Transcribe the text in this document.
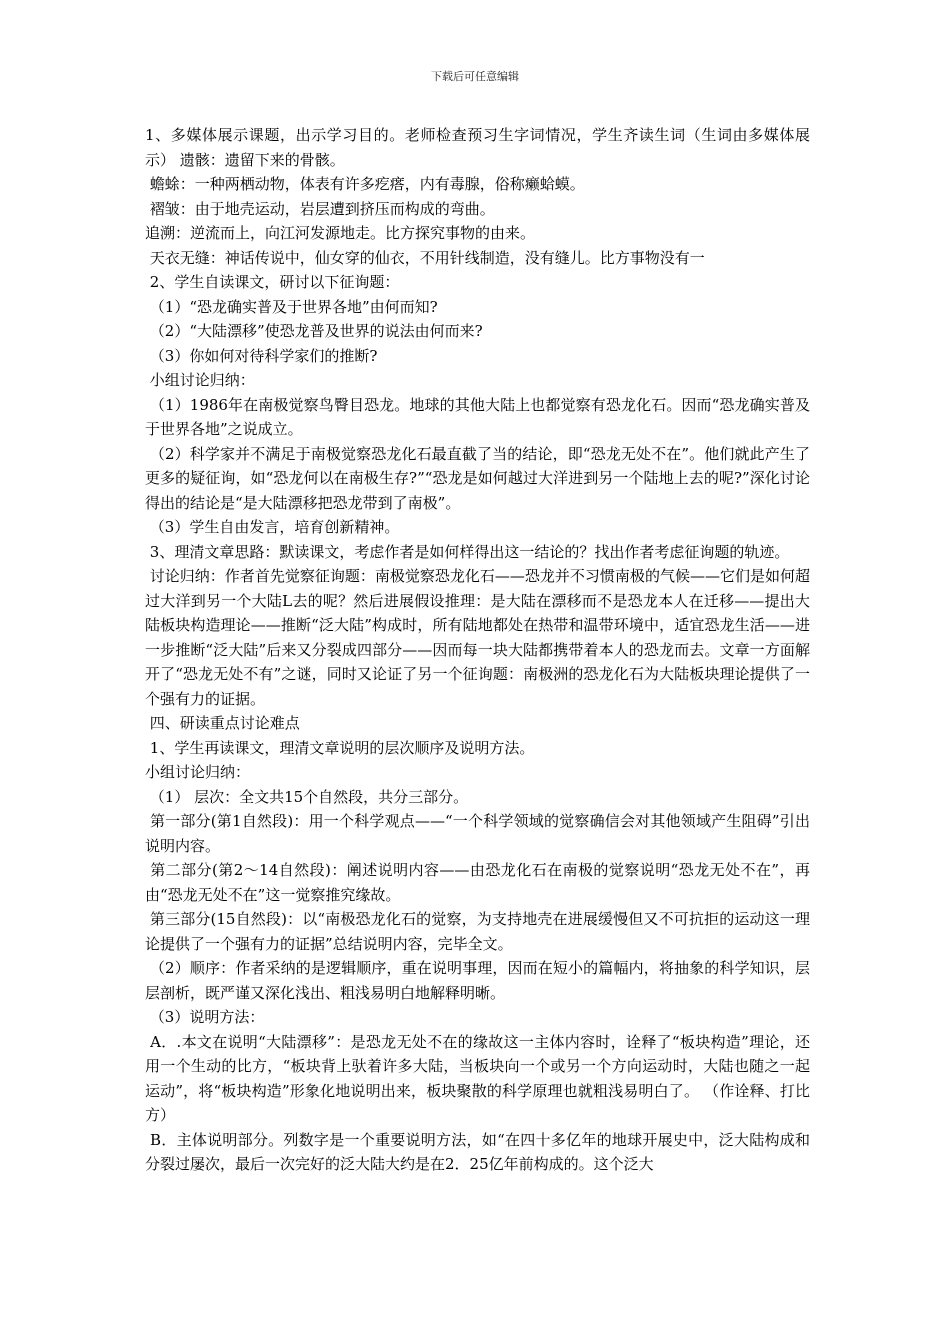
下载后可任意编辑

1、多媒体展示课题，出示学习目的。老师检查预习生字词情况，学生齐读生词（生词由多媒体展示） 遗骸：遗留下来的骨骸。

蟾蜍：一种两栖动物，体表有许多疙瘩，内有毒腺，俗称癞蛤蟆。

褶皱：由于地壳运动，岩层遭到挤压而构成的弯曲。

追溯：逆流而上，向江河发源地走。比方探究事物的由来。

天衣无缝：神话传说中，仙女穿的仙衣，不用针线制造，没有缝儿。比方事物没有一

2、学生自读课文，研讨以下征询题：

（1）“恐龙确实普及于世界各地”由何而知?

（2）“大陆漂移”使恐龙普及世界的说法由何而来?

（3）你如何对待科学家们的推断?

小组讨论归纳：

（1）1986年在南极觉察鸟臀目恐龙。地球的其他大陆上也都觉察有恐龙化石。因而“恐龙确实普及于世界各地”之说成立。

（2）科学家并不满足于南极觉察恐龙化石最直截了当的结论，即“恐龙无处不在”。他们就此产生了更多的疑征询，如“恐龙何以在南极生存?”“恐龙是如何越过大洋进到另一个陆地上去的呢?”深化讨论得出的结论是“是大陆漂移把恐龙带到了南极”。

（3）学生自由发言，培育创新精神。

3、理清文章思路：默读课文，考虑作者是如何样得出这一结论的？找出作者考虑征询题的轨迹。

讨论归纳：作者首先觉察征询题：南极觉察恐龙化石——恐龙并不习惯南极的气候——它们是如何超过大洋到另一个大陆L去的呢？然后进展假设推理：是大陆在漂移而不是恐龙本人在迁移——提出大陆板块构造理论——推断“泛大陆”构成时，所有陆地都处在热带和温带环境中，适宜恐龙生活——进一步推断“泛大陆”后来又分裂成四部分——因而每一块大陆都携带着本人的恐龙而去。文章一方面解开了“恐龙无处不有”之谜，同时又论证了另一个征询题：南极洲的恐龙化石为大陆板块理论提供了一个强有力的证据。

四、研读重点讨论难点

1、学生再读课文，理清文章说明的层次顺序及说明方法。

小组讨论归纳：

（1） 层次：全文共15个自然段，共分三部分。

第一部分(第1自然段)：用一个科学观点——“一个科学领域的觉察确信会对其他领域产生阻碍”引出说明内容。

第二部分(第2～14自然段)：阐述说明内容——由恐龙化石在南极的觉察说明“恐龙无处不在”，再由“恐龙无处不在”这一觉察推究缘故。

第三部分(15自然段)：以“南极恐龙化石的觉察，为支持地壳在进展缓慢但又不可抗拒的运动这一理论提供了一个强有力的证据”总结说明内容，完毕全文。

（2）顺序：作者采纳的是逻辑顺序，重在说明事理，因而在短小的篇幅内，将抽象的科学知识，层层剖析，既严谨又深化浅出、粗浅易明白地解释明晰。

（3）说明方法：

A．.本文在说明“大陆漂移”：是恐龙无处不在的缘故这一主体内容时，诠释了“板块构造”理论，还用一个生动的比方，“板块背上驮着许多大陆，当板块向一个或另一个方向运动时，大陆也随之一起运动”，将“板块构造”形象化地说明出来，板块聚散的科学原理也就粗浅易明白了。 （作诠释、打比方）

B．主体说明部分。列数字是一个重要说明方法，如“在四十多亿年的地球开展史中，泛大陆构成和分裂过屡次，最后一次完好的泛大陆大约是在2．25亿年前构成的。这个泛大
